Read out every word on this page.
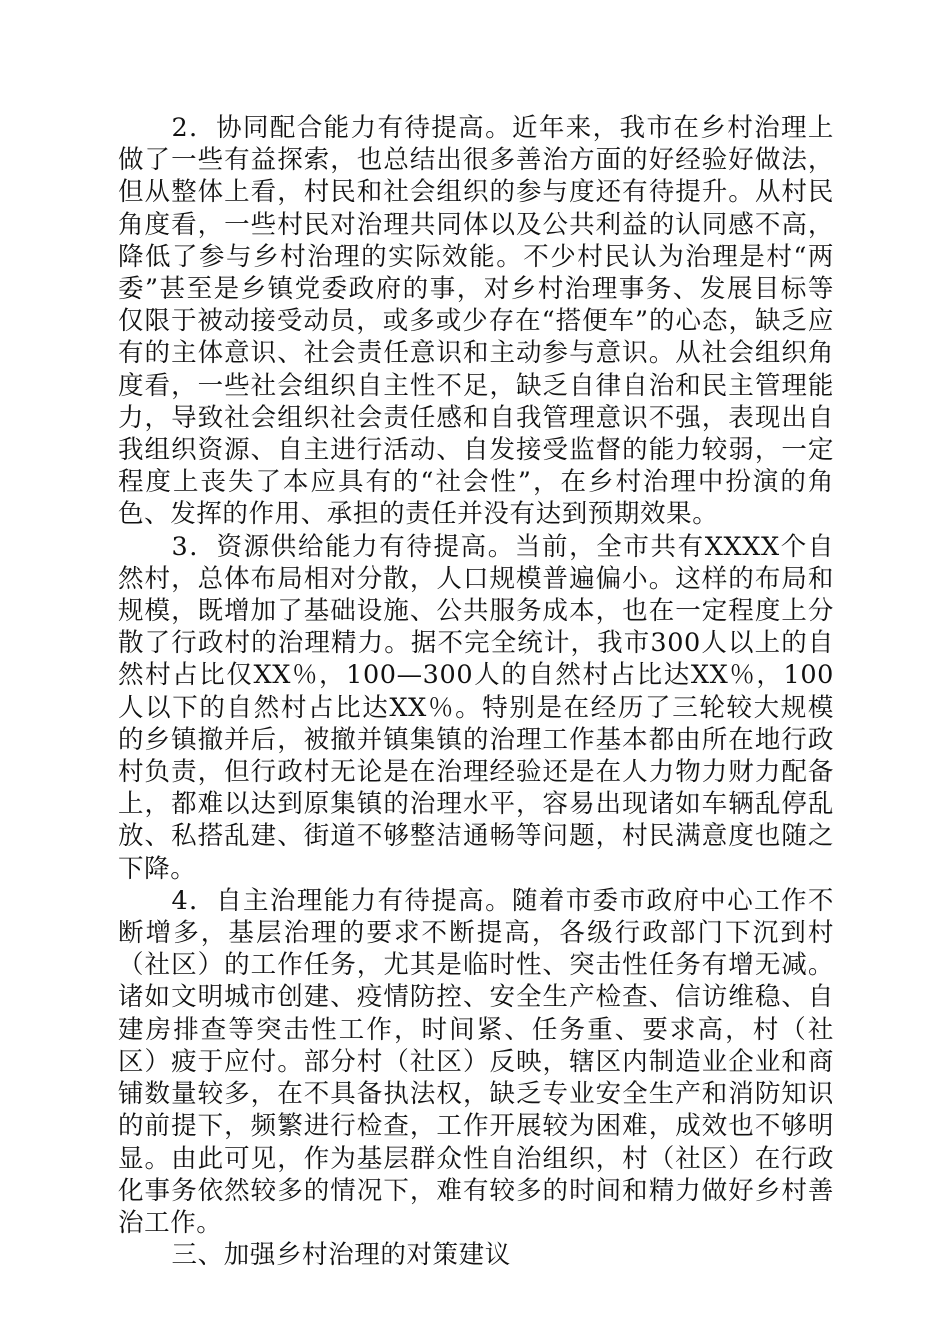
2．协同配合能力有待提高。近年来，我市在乡村治理上做了一些有益探索，也总结出很多善治方面的好经验好做法，但从整体上看，村民和社会组织的参与度还有待提升。从村民角度看，一些村民对治理共同体以及公共利益的认同感不高，降低了参与乡村治理的实际效能。不少村民认为治理是村“两委”甚至是乡镇党委政府的事，对乡村治理事务、发展目标等仅限于被动接受动员，或多或少存在“搭便车”的心态，缺乏应有的主体意识、社会责任意识和主动参与意识。从社会组织角度看，一些社会组织自主性不足，缺乏自律自治和民主管理能力，导致社会组织社会责任感和自我管理意识不强，表现出自我组织资源、自主进行活动、自发接受监督的能力较弱，一定程度上丧失了本应具有的“社会性”，在乡村治理中扮演的角色、发挥的作用、承担的责任并没有达到预期效果。

3．资源供给能力有待提高。当前，全市共有XXXX个自然村，总体布局相对分散，人口规模普遍偏小。这样的布局和规模，既增加了基础设施、公共服务成本，也在一定程度上分散了行政村的治理精力。据不完全统计，我市300人以上的自然村占比仅XX％，100—300人的自然村占比达XX％，100人以下的自然村占比达XX％。特别是在经历了三轮较大规模的乡镇撤并后，被撤并镇集镇的治理工作基本都由所在地行政村负责，但行政村无论是在治理经验还是在人力物力财力配备上，都难以达到原集镇的治理水平，容易出现诸如车辆乱停乱放、私搭乱建、街道不够整洁通畅等问题，村民满意度也随之下降。

4．自主治理能力有待提高。随着市委市政府中心工作不断增多，基层治理的要求不断提高，各级行政部门下沉到村（社区）的工作任务，尤其是临时性、突击性任务有增无减。诸如文明城市创建、疫情防控、安全生产检查、信访维稳、自建房排查等突击性工作，时间紧、任务重、要求高，村（社区）疲于应付。部分村（社区）反映，辖区内制造业企业和商铺数量较多，在不具备执法权，缺乏专业安全生产和消防知识的前提下，频繁进行检查，工作开展较为困难，成效也不够明显。由此可见，作为基层群众性自治组织，村（社区）在行政化事务依然较多的情况下，难有较多的时间和精力做好乡村善治工作。

三、加强乡村治理的对策建议
